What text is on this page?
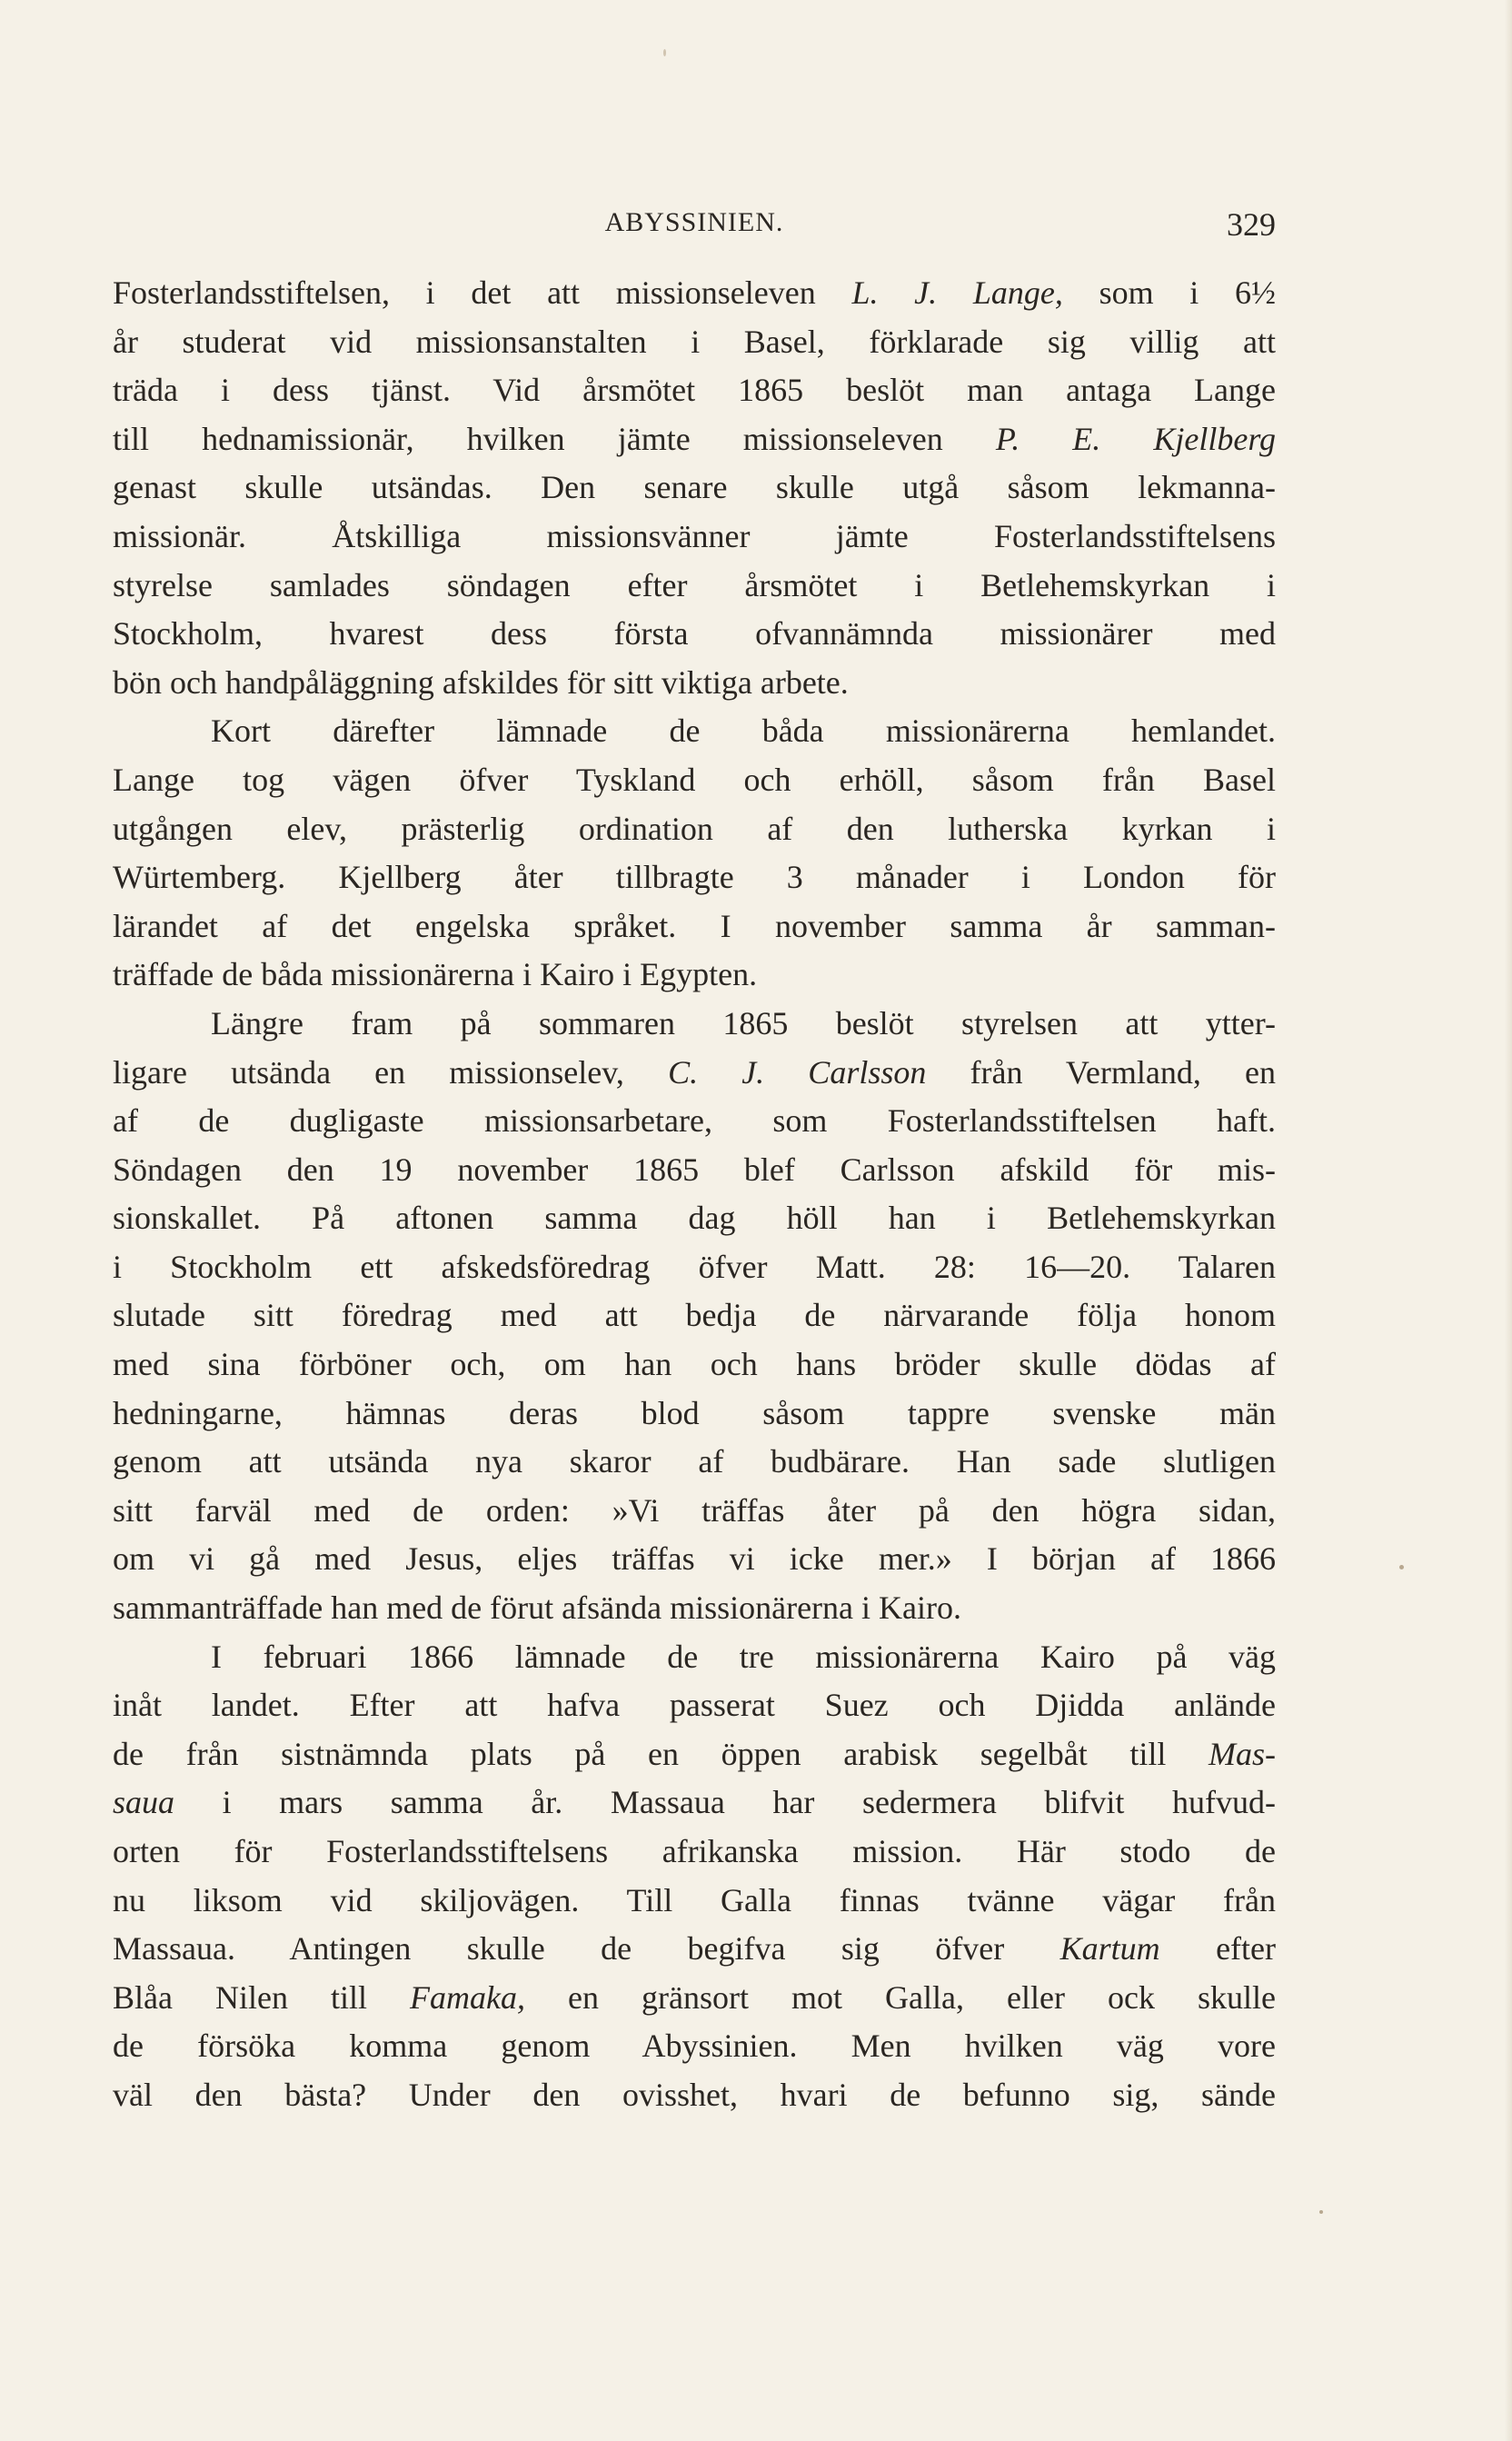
ABYSSINIEN.	329
Fosterlandsstiftelsen, i det att missionseleven L. J. Lange, som i 6½
år studerat vid missionsanstalten i Basel, förklarade sig villig att
träda i dess tjänst. Vid årsmötet 1865 beslöt man antaga Lange
till hednamissionär, hvilken jämte missionseleven P. E. Kjellberg
genast skulle utsändas. Den senare skulle utgå såsom lekmanna-
missionär. Åtskilliga missionsvänner jämte Fosterlandsstiftelsens
styrelse samlades söndagen efter årsmötet i Betlehemskyrkan i
Stockholm, hvarest dess första ofvannämnda missionärer med
bön och handpåläggning afskildes för sitt viktiga arbete.
Kort därefter lämnade de båda missionärerna hemlandet.
Lange tog vägen öfver Tyskland och erhöll, såsom från Basel
utgången elev, prästerlig ordination af den lutherska kyrkan i
Würtemberg. Kjellberg åter tillbragte 3 månader i London för
lärandet af det engelska språket. I november samma år samman-
träffade de båda missionärerna i Kairo i Egypten.
Längre fram på sommaren 1865 beslöt styrelsen att ytter-
ligare utsända en missionselev, C. J. Carlsson från Vermland, en
af de dugligaste missionsarbetare, som Fosterlandsstiftelsen haft.
Söndagen den 19 november 1865 blef Carlsson afskild för mis-
sionskallet. På aftonen samma dag höll han i Betlehemskyrkan
i Stockholm ett afskedsföredrag öfver Matt. 28: 16—20. Talaren
slutade sitt föredrag med att bedja de närvarande följa honom
med sina förböner och, om han och hans bröder skulle dödas af
hedningarne, hämnas deras blod såsom tappre svenske män
genom att utsända nya skaror af budbärare. Han sade slutligen
sitt farväl med de orden: »Vi träffas åter på den högra sidan,
om vi gå med Jesus, eljes träffas vi icke mer.» I början af 1866
sammanträffade han med de förut afsända missionärerna i Kairo.
I februari 1866 lämnade de tre missionärerna Kairo på väg
inåt landet. Efter att hafva passerat Suez och Djidda anlände
de från sistnämnda plats på en öppen arabisk segelbåt till Mas-
saua i mars samma år. Massaua har sedermera blifvit hufvud-
orten för Fosterlandsstiftelsens afrikanska mission. Här stodo de
nu liksom vid skiljovägen. Till Galla finnas tvänne vägar från
Massaua. Antingen skulle de begifva sig öfver Kartum efter
Blåa Nilen till Famaka, en gränsort mot Galla, eller ock skulle
de försöka komma genom Abyssinien. Men hvilken väg vore
väl den bästa? Under den ovisshet, hvari de befunno sig, sände
